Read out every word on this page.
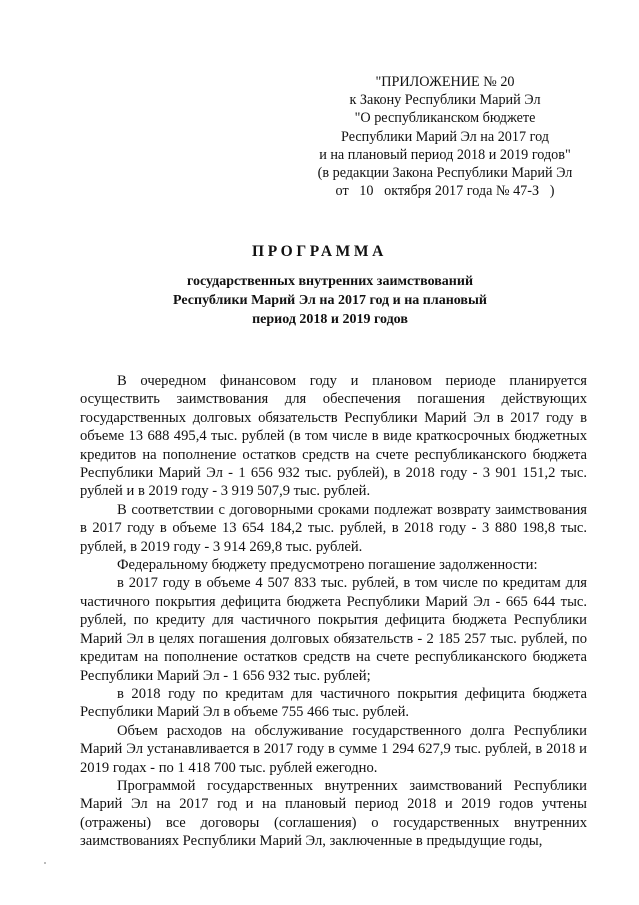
"ПРИЛОЖЕНИЕ № 20
к Закону Республики Марий Эл
"О республиканском бюджете
Республики Марий Эл на 2017 год
и на плановый период 2018 и 2019 годов"
(в редакции Закона Республики Марий Эл
от   10   октября 2017 года № 47-З   )
ПРОГРАММА
государственных внутренних заимствований
Республики Марий Эл на 2017 год и на плановый
период 2018 и 2019 годов

В очередном финансовом году и плановом периоде планируется осуществить заимствования для обеспечения погашения действующих государственных долговых обязательств Республики Марий Эл в 2017 году в объеме 13 688 495,4 тыс. рублей (в том числе в виде краткосрочных бюджетных кредитов на пополнение остатков средств на счете республиканского бюджета Республики Марий Эл - 1 656 932 тыс. рублей), в 2018 году - 3 901 151,2 тыс. рублей и в 2019 году - 3 919 507,9 тыс. рублей.

В соответствии с договорными сроками подлежат возврату заимствования в 2017 году в объеме 13 654 184,2 тыс. рублей, в 2018 году - 3 880 198,8 тыс. рублей, в 2019 году - 3 914 269,8 тыс. рублей.

Федеральному бюджету предусмотрено погашение задолженности:

в 2017 году в объеме 4 507 833 тыс. рублей, в том числе по кредитам для частичного покрытия дефицита бюджета Республики Марий Эл - 665 644 тыс. рублей, по кредиту для частичного покрытия дефицита бюджета Республики Марий Эл в целях погашения долговых обязательств - 2 185 257 тыс. рублей, по кредитам на пополнение остатков средств на счете республиканского бюджета Республики Марий Эл - 1 656 932 тыс. рублей;

в 2018 году по кредитам для частичного покрытия дефицита бюджета Республики Марий Эл в объеме 755 466 тыс. рублей.

Объем расходов на обслуживание государственного долга Республики Марий Эл устанавливается в 2017 году в сумме 1 294 627,9 тыс. рублей, в 2018 и 2019 годах - по 1 418 700 тыс. рублей ежегодно.

Программой государственных внутренних заимствований Республики Марий Эл на 2017 год и на плановый период 2018 и 2019 годов учтены (отражены) все договоры (соглашения) о государственных внутренних заимствованиях Республики Марий Эл, заключенные в предыдущие годы,
